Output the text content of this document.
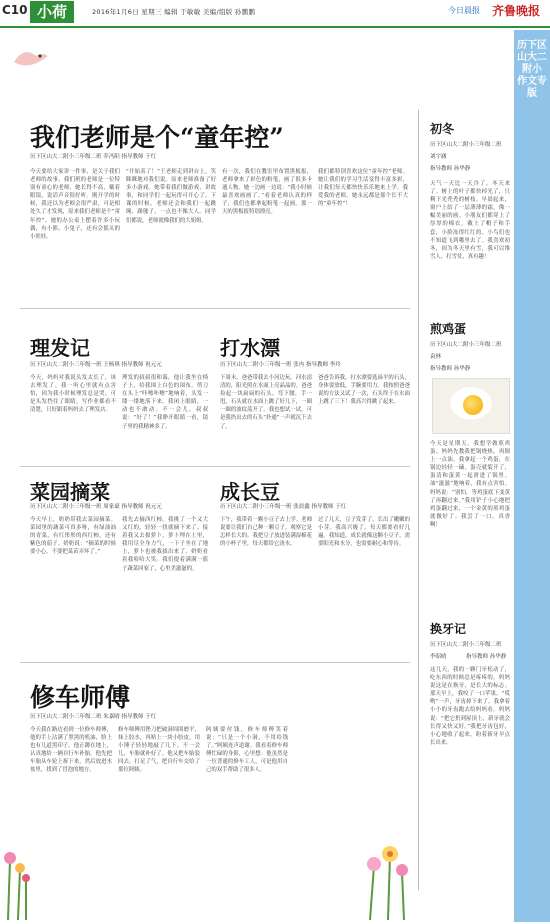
C10 小荷	2016年1月6日 星期三 编辑 于敏敏 美编/组版 孙鹏鹏	今日晨报 齐鲁晚报
历下区
山大二附小
作文专版
我们老师是个“童年控”
历下区山大二附小三年级二班 乔冯阳 指导教师 于红
今天要给大家讲一件事，是关于我们老师的故事。我们班的老师是一位特别有童心的老师，她长得不高，戴着眼镜，说话声音很好听。刚开学的时候，我还以为老师会很严肃，可是相处久了才发现，原来我们老师是个“童年控”。她的办公桌上摆着许多小玩偶，有小熊、小兔子，还有会摇头的小娃娃。
“开始表了！”王老师走到讲台上，笑眯眯地对我们说。原来老师准备了好多小游戏。她带着我们做游戏、讲故事，和同学们一起玩得可开心了。下课的时候，老师还会和我们一起跳绳、踢毽子，一点也不像大人。同学们都说，老师就像我们的大姐姐。
有一次，我们在教室里布置黑板报，老师拿来了彩色的粉笔，画了很多卡通人物。她一边画一边说：“我小时候最喜欢画画了。”看着老师认真的样子，我们也都拿起粉笔一起画。那一天的黑板报特别漂亮。
我们都特别喜欢这位“童年控”老师。她让我们的学习生活变得丰富多彩，让我们每天都快快乐乐地来上学。我爱我的老师，她永远都是那个长不大的“童年控”！
理发记
历下区山大二附小三年级一班 王杨琪 指导教师 祝元元
今天，妈妈对我说头发太长了，该去理发了。我一听心里就有点害怕，因为我小时候理发总是哭。可是头发挡住了眼睛，写作业都看不清楚，只好跟着妈妈去了理发店。
理发的叔叔很和蔼，他让我坐在椅子上，给我围上白色的围布。剪刀在头上“咔嚓咔嚓”地响着，头发一缕一缕地落下来。我闭上眼睛，一动也不敢动。不一会儿，叔叔说：“好了！”我睁开眼睛一看，镜子里的我精神多了。
打水漂
历下区山大二附小三年级一班 张冉 指导教师 李玲
下周末，爸爸带我去小河边玩。河水清清的，阳光照在水面上亮晶晶的。爸爸捡起一块扁扁的石头，弯下腰，手一甩，石头就在水面上跳了好几下，一圈一圈的波纹荡开了。我也想试一试，可是我扔出去的石头“扑通”一声就沉下去了。
爸爸告诉我，打水漂要选扁平的石头，身体要放低，手腕要用力。我按照爸爸说的方法又试了一次，石头终于在水面上跳了三下！我高兴得跳了起来。
菜园摘菜
历下区山大二附小三年级一班 周家豪 指导教师 祝元元
今天早上，奶奶带我去菜园摘菜。菜园里的蔬菜可真多呀，有绿油油的青菜，有红彤彤的西红柿，还有紫色的茄子。奶奶说：“摘菜的时候要小心，不要把菜苗弄坏了。”
我先去摘西红柿。我挑了一个又大又红的，轻轻一扭就摘下来了。接着我又去拔萝卜，萝卜埋在土里，我用尽全身力气，一下子坐在了地上，萝卜也被我拔出来了。奶奶看着我哈哈大笑。我们提着满满一篮子蔬菜回家了，心里美滋滋的。
成长豆
历下区山大二附小三年级一班 张晨鑫 指导教师 于红
下午，我带着一颗小豆子去上学。老师说要让我们自己种一颗豆子，观察它是怎样长大的。我把豆子放进装满湿棉花的小杯子里，每天都给它浇水。
过了几天，豆子发芽了，长出了嫩嫩的小芽。我高兴极了，每天都要看好几遍。我知道，成长就像这颗小豆子，需要阳光和水分，也需要耐心和等待。
修车师傅
历下区山大二附小三年级二班 朱嘉晴 指导教师 于红
今天我在路边看到一位修车师傅，他的手上沾满了黑黑的机油，脸上也有几道黑印子。他正蹲在地上，认真地给一辆自行车补胎。他先把车胎从车轮上拆下来，然后放进水盆里，找到了冒泡的地方。
修车师傅用锉刀把破洞周围磨平，抹上胶水，再贴上一块小胶皮，用小锤子轻轻地敲了几下。不一会儿，车胎就补好了。他又把车胎装回去，打足了气，把自行车交给了那位阿姨。
阿姨要付钱，修车师傅笑着说：“只是一个小洞，不用给钱了。”阿姨连声道谢。我看着修车师傅忙碌的身影，心里想：他虽然是一位普通的修车工人，可是他用自己的双手帮助了很多人。
初冬
历下区山大二附小三年级二班
刘宇涵
指导教师 孙华静
天气一天比一天冷了，冬天来了。树上的叶子都快掉光了，只剩下光秃秃的树枝。早晨起来，窗户上结了一层薄薄的霜，像一幅美丽的画。小朋友们都穿上了厚厚的棉衣，戴上了帽子和手套，小脸冻得红红的。小鸟们也不知道飞到哪里去了。我喜欢初冬，因为冬天里有雪，我可以堆雪人、打雪仗，真有趣！
煎鸡蛋
历下区山大二附小三年级二班
袁林
指导教师 孙华静
今天是星期天，我想学做煎鸡蛋。妈妈先教我把锅烧热，再倒上一点油。我拿起一个鸡蛋，在锅边轻轻一磕，蛋壳就裂开了，蛋清和蛋黄一起滑进了锅里。油“滋滋”地响着，我有点害怕。妈妈说：“别怕，等鸡蛋底下变黄了再翻过来。”我用铲子小心地把鸡蛋翻过来，一个金黄的煎鸡蛋就做好了。我尝了一口，真香啊！
换牙记
历下区山大二附小三年级二班
李昭晴	指导教师 孙华静
这几天，我的一颗门牙松动了，吃东西的时候总是疼疼的。妈妈说这是在换牙，是长大的标志。那天早上，我咬了一口苹果，“哎哟”一声，牙齿掉下来了。我拿着小小的牙齿跑去给妈妈看。妈妈说：“把它扔到屋顶上，新牙就会长得又快又好。”我把牙齿包好，小心地收了起来，盼着新牙早点长出来。
